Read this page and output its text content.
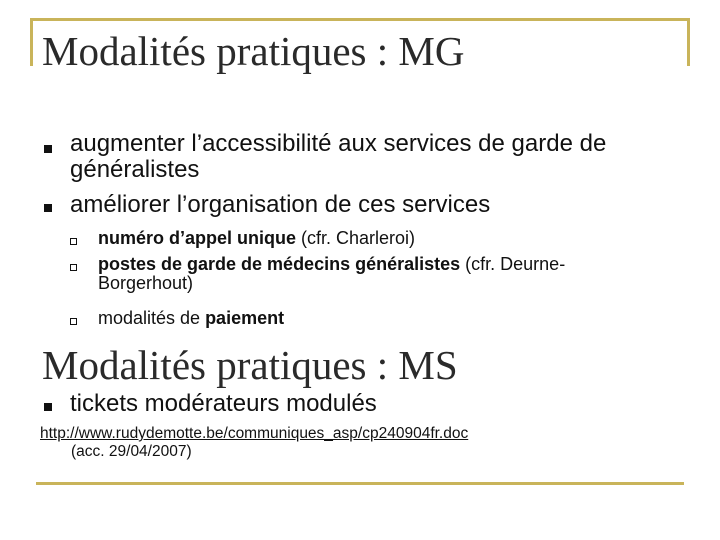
Modalités pratiques : MG
augmenter l’accessibilité aux services de garde de
généralistes
améliorer l’organisation de ces services
numéro d’appel unique (cfr. Charleroi)
postes de garde de médecins généralistes (cfr. Deurne-
Borgerhout)
modalités de paiement
Modalités pratiques : MS
tickets modérateurs modulés
http://www.rudydemotte.be/communiques_asp/cp240904fr.doc
(acc. 29/04/2007)
